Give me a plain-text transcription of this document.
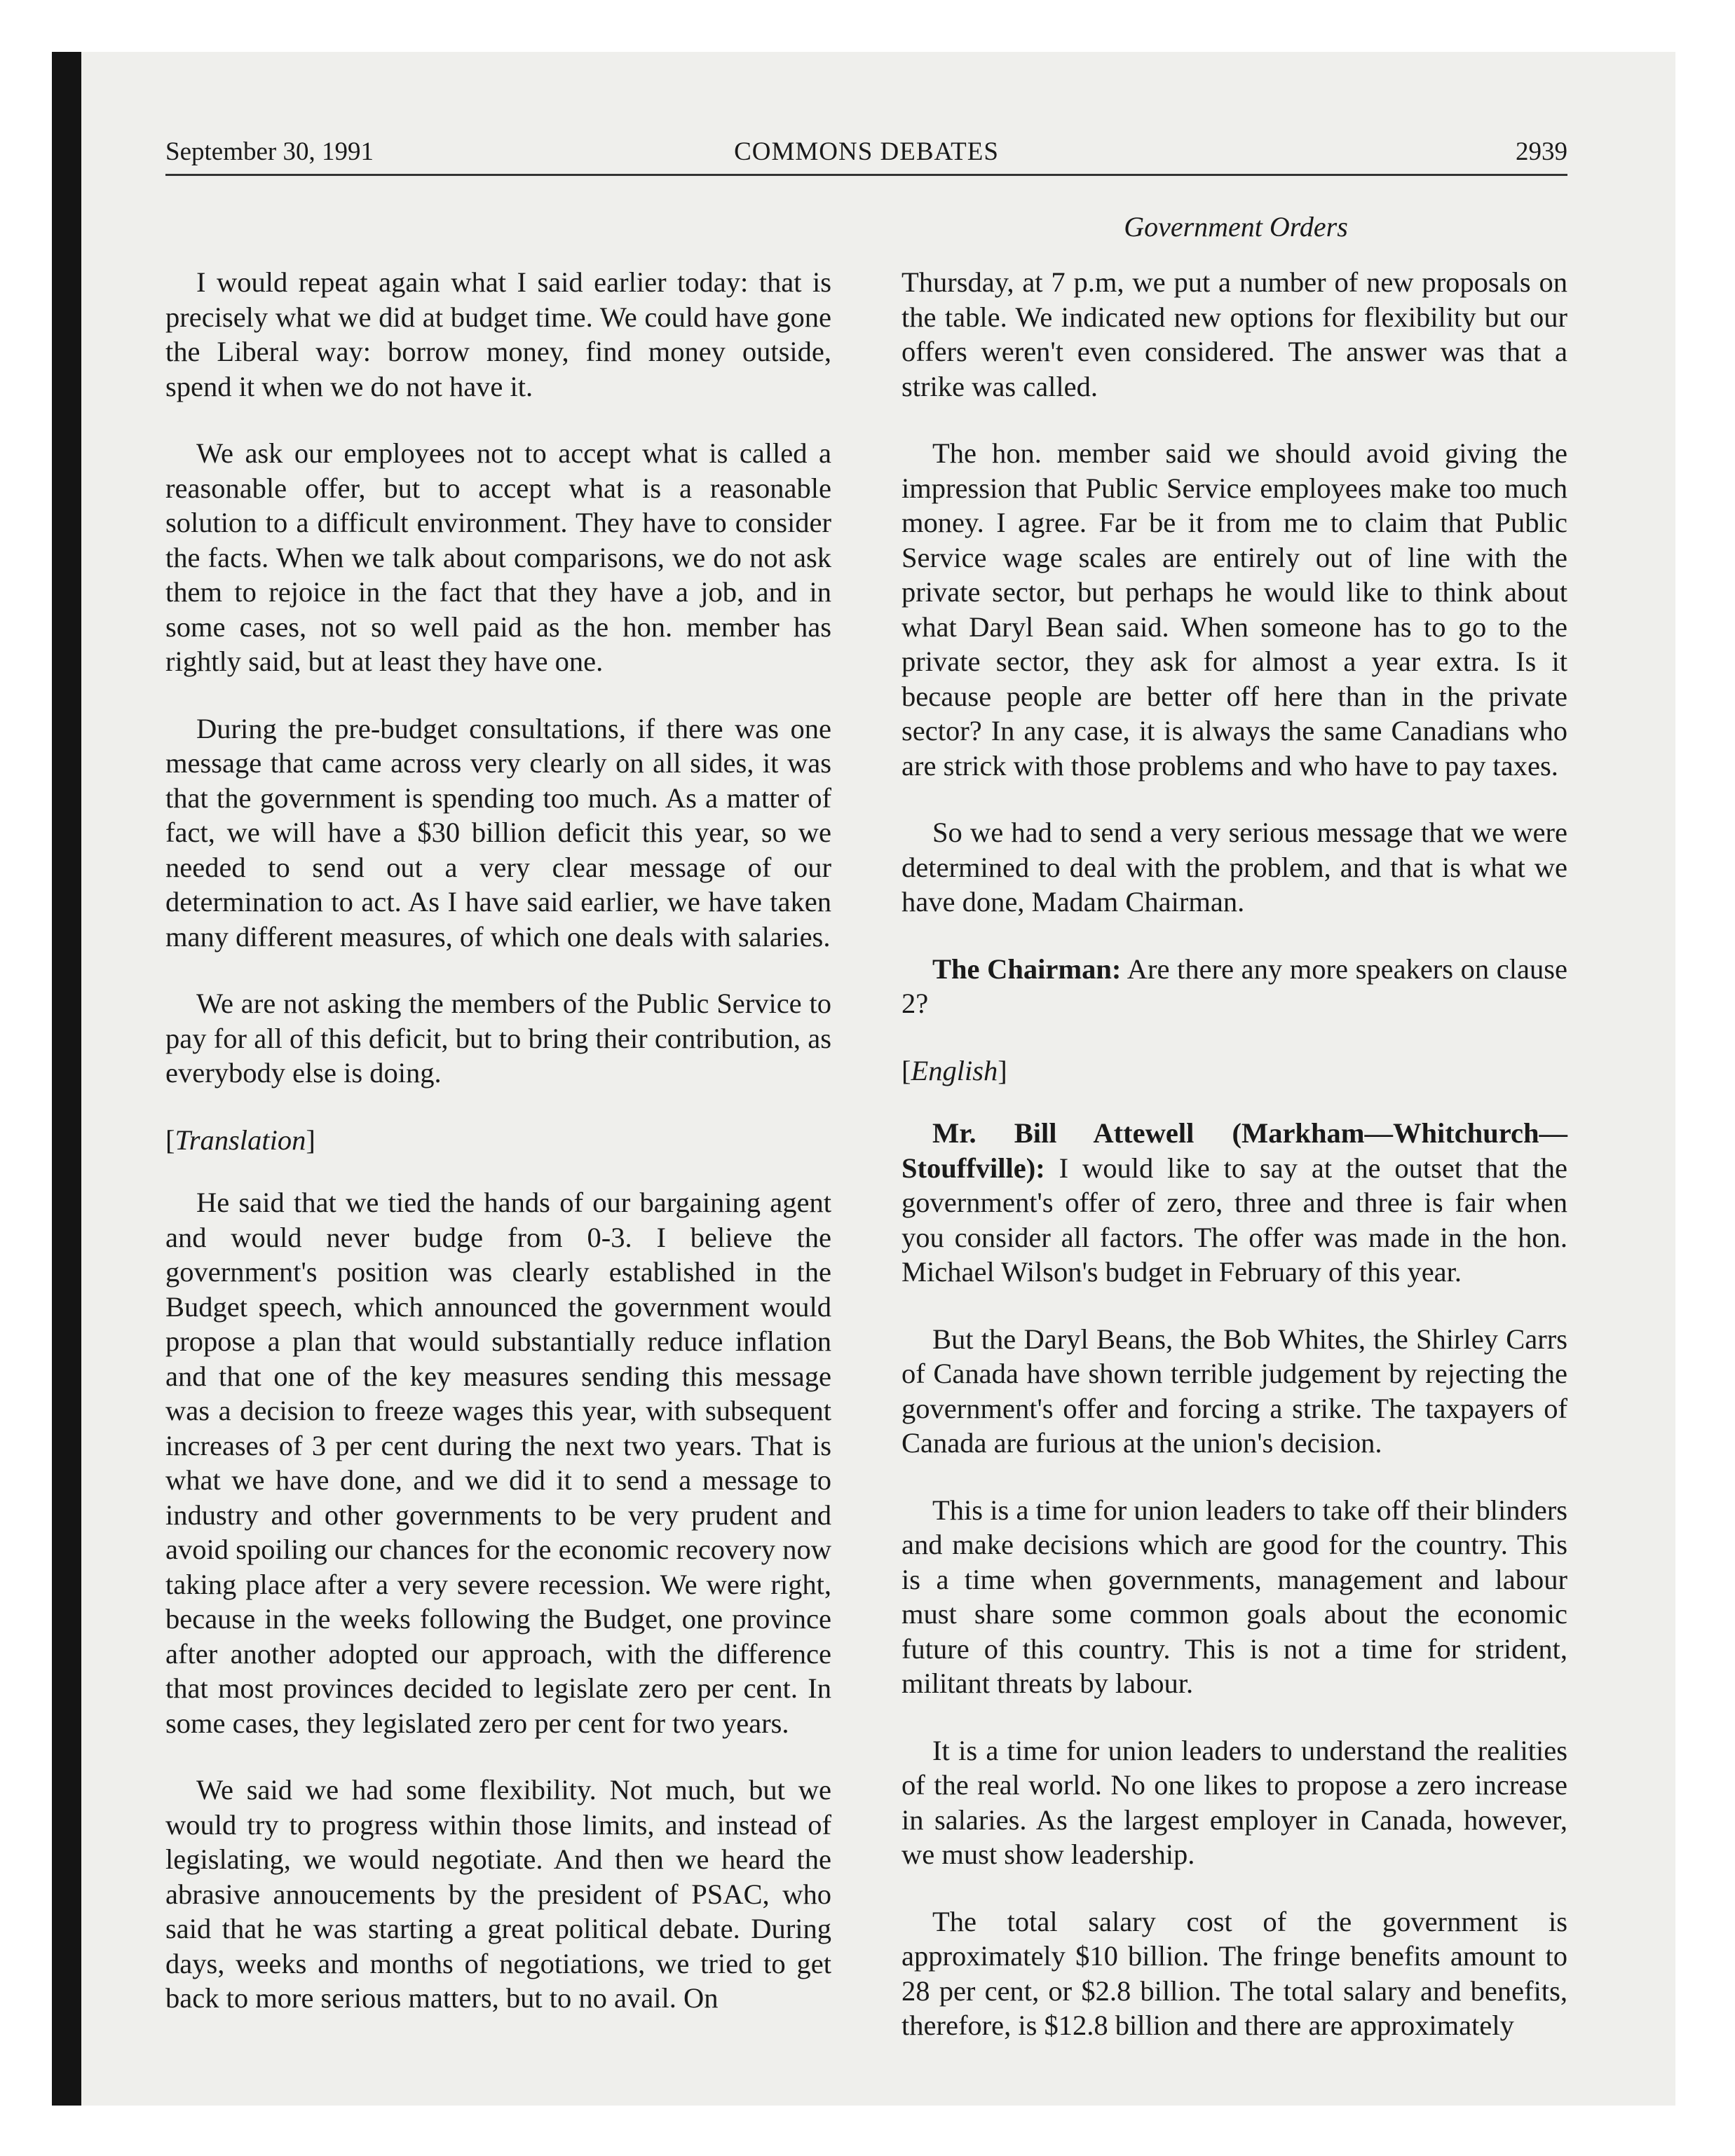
September 30, 1991	COMMONS DEBATES	2939
Government Orders

I would repeat again what I said earlier today: that is precisely what we did at budget time. We could have gone the Liberal way: borrow money, find money outside, spend it when we do not have it.

We ask our employees not to accept what is called a reasonable offer, but to accept what is a reasonable solution to a difficult environment. They have to consider the facts. When we talk about comparisons, we do not ask them to rejoice in the fact that they have a job, and in some cases, not so well paid as the hon. member has rightly said, but at least they have one.

During the pre-budget consultations, if there was one message that came across very clearly on all sides, it was that the government is spending too much. As a matter of fact, we will have a $30 billion deficit this year, so we needed to send out a very clear message of our determination to act. As I have said earlier, we have taken many different measures, of which one deals with salaries.

We are not asking the members of the Public Service to pay for all of this deficit, but to bring their contribution, as everybody else is doing.

[Translation]

He said that we tied the hands of our bargaining agent and would never budge from 0-3. I believe the government's position was clearly established in the Budget speech, which announced the government would propose a plan that would substantially reduce inflation and that one of the key measures sending this message was a decision to freeze wages this year, with subsequent increases of 3 per cent during the next two years. That is what we have done, and we did it to send a message to industry and other governments to be very prudent and avoid spoiling our chances for the economic recovery now taking place after a very severe recession. We were right, because in the weeks following the Budget, one province after another adopted our approach, with the difference that most provinces decided to legislate zero per cent. In some cases, they legislated zero per cent for two years.

We said we had some flexibility. Not much, but we would try to progress within those limits, and instead of legislating, we would negotiate. And then we heard the abrasive annoucements by the president of PSAC, who said that he was starting a great political debate. During days, weeks and months of negotiations, we tried to get back to more serious matters, but to no avail. On

Thursday, at 7 p.m, we put a number of new proposals on the table. We indicated new options for flexibility but our offers weren't even considered. The answer was that a strike was called.

The hon. member said we should avoid giving the impression that Public Service employees make too much money. I agree. Far be it from me to claim that Public Service wage scales are entirely out of line with the private sector, but perhaps he would like to think about what Daryl Bean said. When someone has to go to the private sector, they ask for almost a year extra. Is it because people are better off here than in the private sector? In any case, it is always the same Canadians who are strick with those problems and who have to pay taxes.

So we had to send a very serious message that we were determined to deal with the problem, and that is what we have done, Madam Chairman.

The Chairman: Are there any more speakers on clause 2?

[English]

Mr. Bill Attewell (Markham—Whitchurch—Stouffville): I would like to say at the outset that the government's offer of zero, three and three is fair when you consider all factors. The offer was made in the hon. Michael Wilson's budget in February of this year.

But the Daryl Beans, the Bob Whites, the Shirley Carrs of Canada have shown terrible judgement by rejecting the government's offer and forcing a strike. The taxpayers of Canada are furious at the union's decision.

This is a time for union leaders to take off their blinders and make decisions which are good for the country. This is a time when governments, management and labour must share some common goals about the economic future of this country. This is not a time for strident, militant threats by labour.

It is a time for union leaders to understand the realities of the real world. No one likes to propose a zero increase in salaries. As the largest employer in Canada, however, we must show leadership.

The total salary cost of the government is approximately $10 billion. The fringe benefits amount to 28 per cent, or $2.8 billion. The total salary and benefits, therefore, is $12.8 billion and there are approximately
